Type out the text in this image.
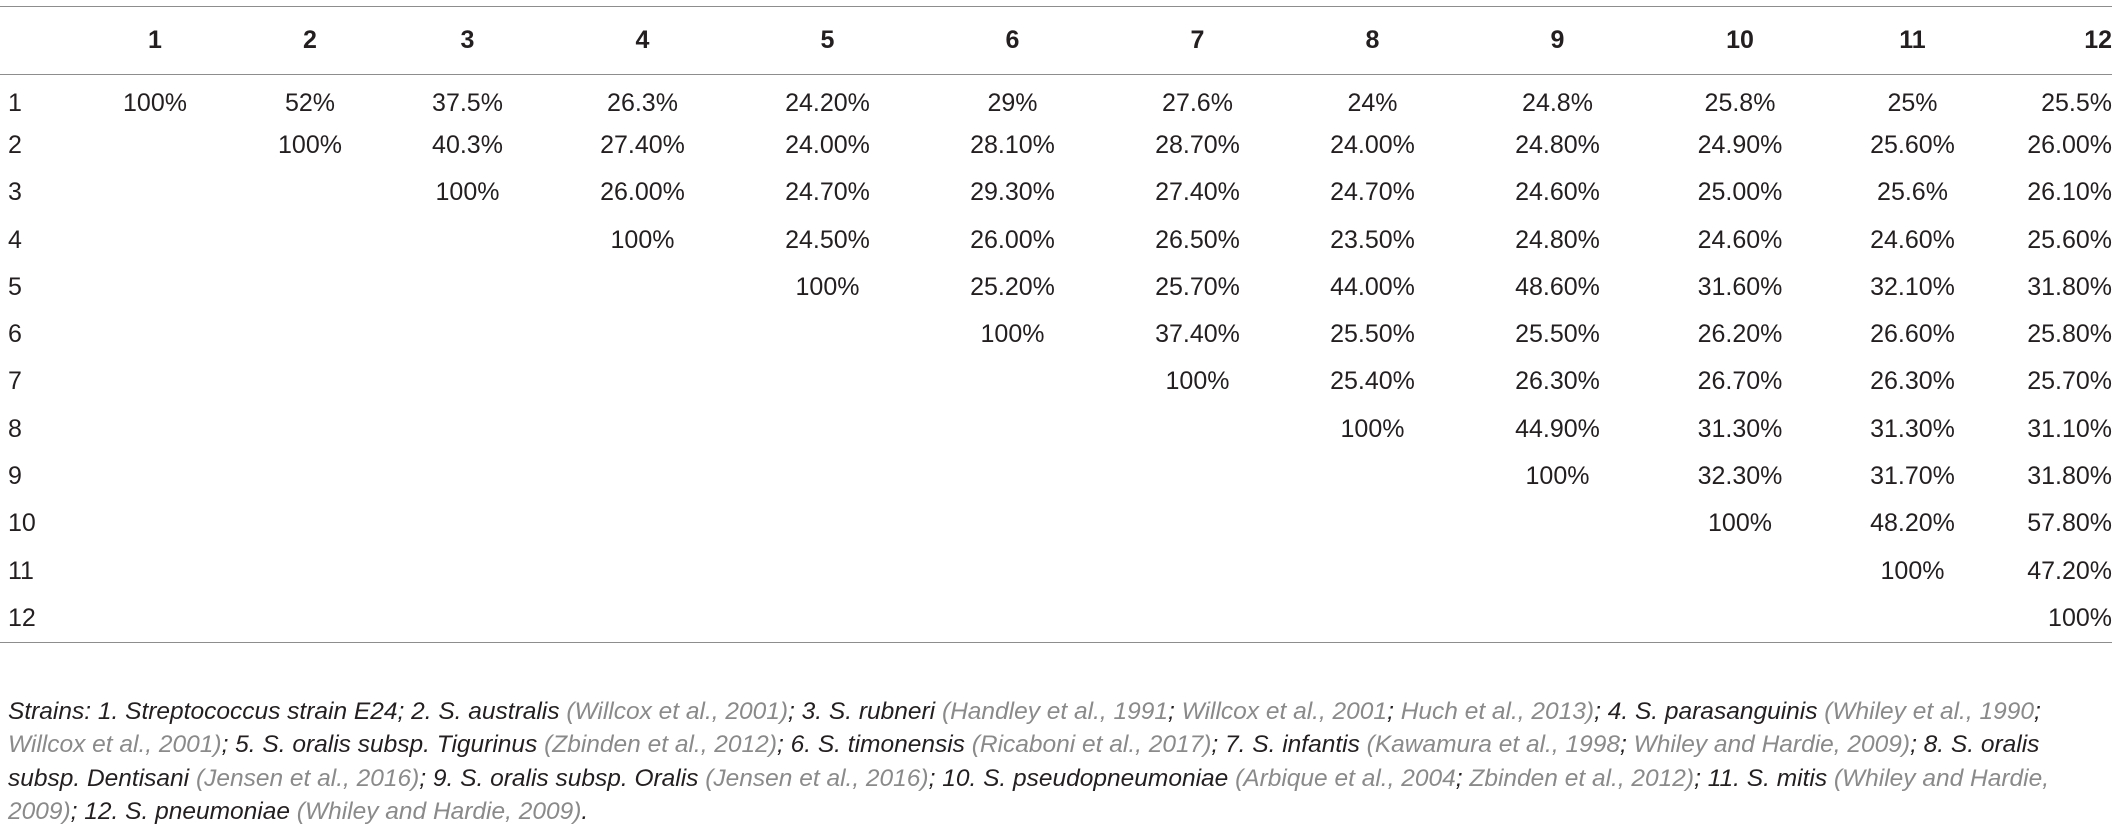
	1	2	3	4	5	6	7	8	9	10	11	12
1	100%	52%	37.5%	26.3%	24.20%	29%	27.6%	24%	24.8%	25.8%	25%	25.5%
2		100%	40.3%	27.40%	24.00%	28.10%	28.70%	24.00%	24.80%	24.90%	25.60%	26.00%
3			100%	26.00%	24.70%	29.30%	27.40%	24.70%	24.60%	25.00%	25.6%	26.10%
4				100%	24.50%	26.00%	26.50%	23.50%	24.80%	24.60%	24.60%	25.60%
5					100%	25.20%	25.70%	44.00%	48.60%	31.60%	32.10%	31.80%
6						100%	37.40%	25.50%	25.50%	26.20%	26.60%	25.80%
7							100%	25.40%	26.30%	26.70%	26.30%	25.70%
8								100%	44.90%	31.30%	31.30%	31.10%
9									100%	32.30%	31.70%	31.80%
10										100%	48.20%	57.80%
11											100%	47.20%
12												100%

Strains: 1. Streptococcus strain E24; 2. S. australis (Willcox et al., 2001); 3. S. rubneri (Handley et al., 1991; Willcox et al., 2001; Huch et al., 2013); 4. S. parasanguinis (Whiley et al., 1990; Willcox et al., 2001); 5. S. oralis subsp. Tigurinus (Zbinden et al., 2012); 6. S. timonensis (Ricaboni et al., 2017); 7. S. infantis (Kawamura et al., 1998; Whiley and Hardie, 2009); 8. S. oralis subsp. Dentisani (Jensen et al., 2016); 9. S. oralis subsp. Oralis (Jensen et al., 2016); 10. S. pseudopneumoniae (Arbique et al., 2004; Zbinden et al., 2012); 11. S. mitis (Whiley and Hardie, 2009); 12. S. pneumoniae (Whiley and Hardie, 2009).
